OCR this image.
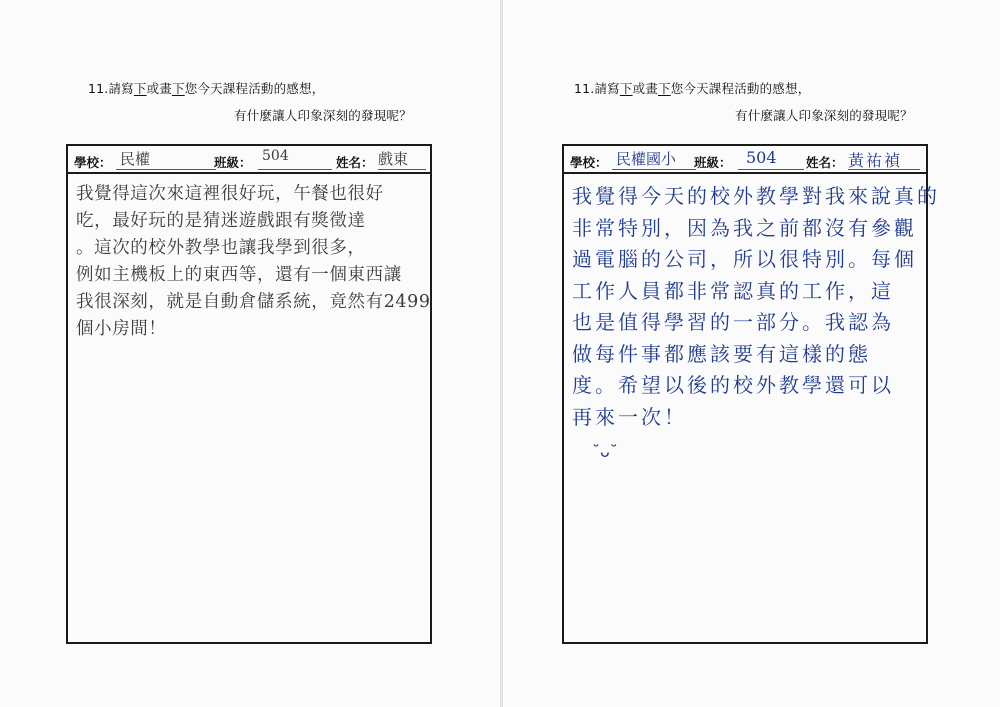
11.請寫下或畫下您今天課程活動的感想，
有什麼讓人印象深刻的發現呢？
學校： 民權	班級： 504	姓名： 戲東
我覺得這次來這裡很好玩，午餐也很好
吃，最好玩的是猜迷遊戲跟有獎徵達
。這次的校外教學也讓我學到很多，
例如主機板上的東西等，還有一個東西讓
我很深刻，就是自動倉儲系統，竟然有2499
個小房間！
11.請寫下或畫下您今天課程活動的感想，
有什麼讓人印象深刻的發現呢？
學校： 民權國小	班級： 504	姓名： 黃祐禎
我覺得今天的校外教學對我來說真的
非常特別，因為我之前都沒有參觀
過電腦的公司，所以很特別。每個
工作人員都非常認真的工作，這
也是值得學習的一部分。我認為
做每件事都應該要有這樣的態
度。希望以後的校外教學還可以
再來一次！
˘ᴗ˘
